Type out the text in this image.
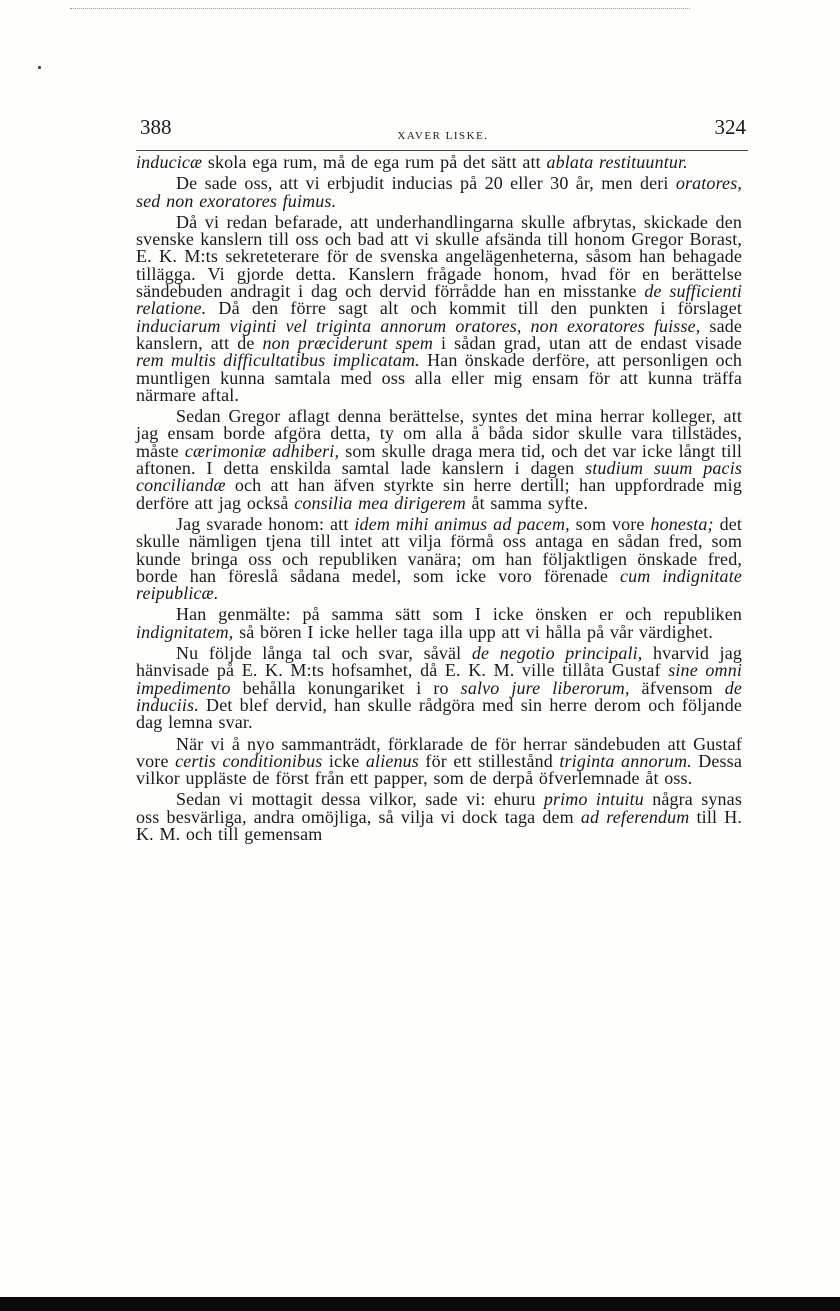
388	XAVER LISKE.	324

inducicæ skola ega rum, må de ega rum på det sätt att ablata restituuntur.

De sade oss, att vi erbjudit inducias på 20 eller 30 år, men deri oratores, sed non exoratores fuimus.

Då vi redan befarade, att underhandlingarna skulle afbrytas, skickade den svenske kanslern till oss och bad att vi skulle afsända till honom Gregor Borast, E. K. M:ts sekreteterare för de svenska angelägenheterna, såsom han behagade tillägga. Vi gjorde detta. Kanslern frågade honom, hvad för en berättelse sändebuden andragit i dag och dervid förrådde han en misstanke de sufficienti relatione. Då den förre sagt alt och kommit till den punkten i förslaget induciarum viginti vel triginta annorum oratores, non exoratores fuisse, sade kanslern, att de non præciderunt spem i sådan grad, utan att de endast visade rem multis difficultatibus implicatam. Han önskade derföre, att personligen och muntligen kunna samtala med oss alla eller mig ensam för att kunna träffa närmare aftal.

Sedan Gregor aflagt denna berättelse, syntes det mina herrar kolleger, att jag ensam borde afgöra detta, ty om alla å båda sidor skulle vara tillstädes, måste cærimoniæ adhiberi, som skulle draga mera tid, och det var icke långt till aftonen. I detta enskilda samtal lade kanslern i dagen studium suum pacis conciliandæ och att han äfven styrkte sin herre dertill; han uppfordrade mig derföre att jag också consilia mea dirigerem åt samma syfte.

Jag svarade honom: att idem mihi animus ad pacem, som vore honesta; det skulle nämligen tjena till intet att vilja förmå oss antaga en sådan fred, som kunde bringa oss och republiken vanära; om han följaktligen önskade fred, borde han föreslå sådana medel, som icke voro förenade cum indignitate reipublicæ.

Han genmälte: på samma sätt som I icke önsken er och republiken indignitatem, så bören I icke heller taga illa upp att vi hålla på vår värdighet.

Nu följde långa tal och svar, såväl de negotio principali, hvarvid jag hänvisade på E. K. M:ts hofsamhet, då E. K. M. ville tillåta Gustaf sine omni impedimento behålla konungariket i ro salvo jure liberorum, äfvensom de induciis. Det blef dervid, han skulle rådgöra med sin herre derom och följande dag lemna svar.

När vi å nyo sammanträdt, förklarade de för herrar sändebuden att Gustaf vore certis conditionibus icke alienus för ett stillestånd triginta annorum. Dessa vilkor uppläste de först från ett papper, som de derpå öfverlemnade åt oss.

Sedan vi mottagit dessa vilkor, sade vi: ehuru primo intuitu några synas oss besvärliga, andra omöjliga, så vilja vi dock taga dem ad referendum till H. K. M. och till gemensam
